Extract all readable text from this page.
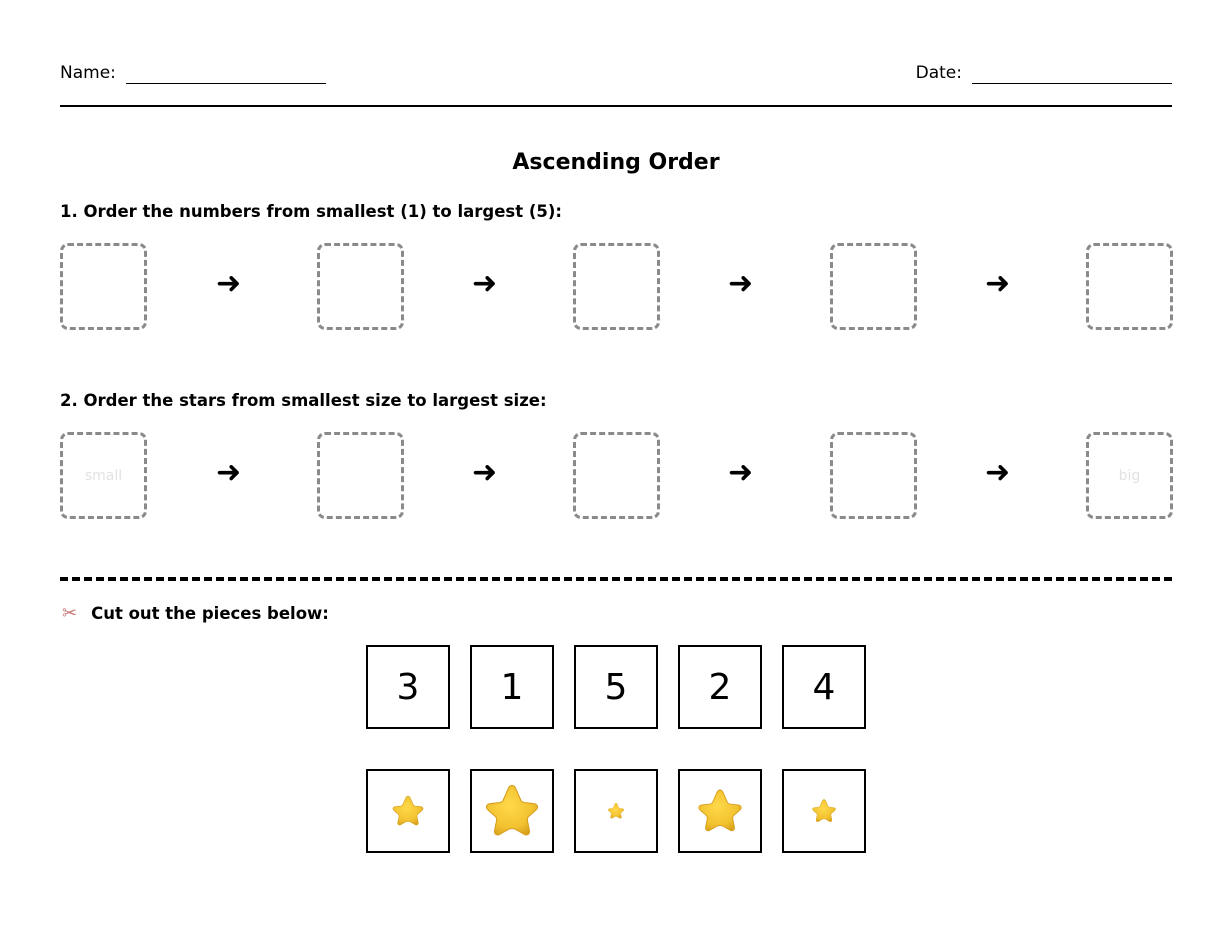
Name:	Date:
Ascending Order
1. Order the numbers from smallest (1) to largest (5):
➜	➜	➜	➜
2. Order the stars from smallest size to largest size:
small	➜	➜	➜	➜	big
✂ Cut out the pieces below:
3 1 5 2 4
